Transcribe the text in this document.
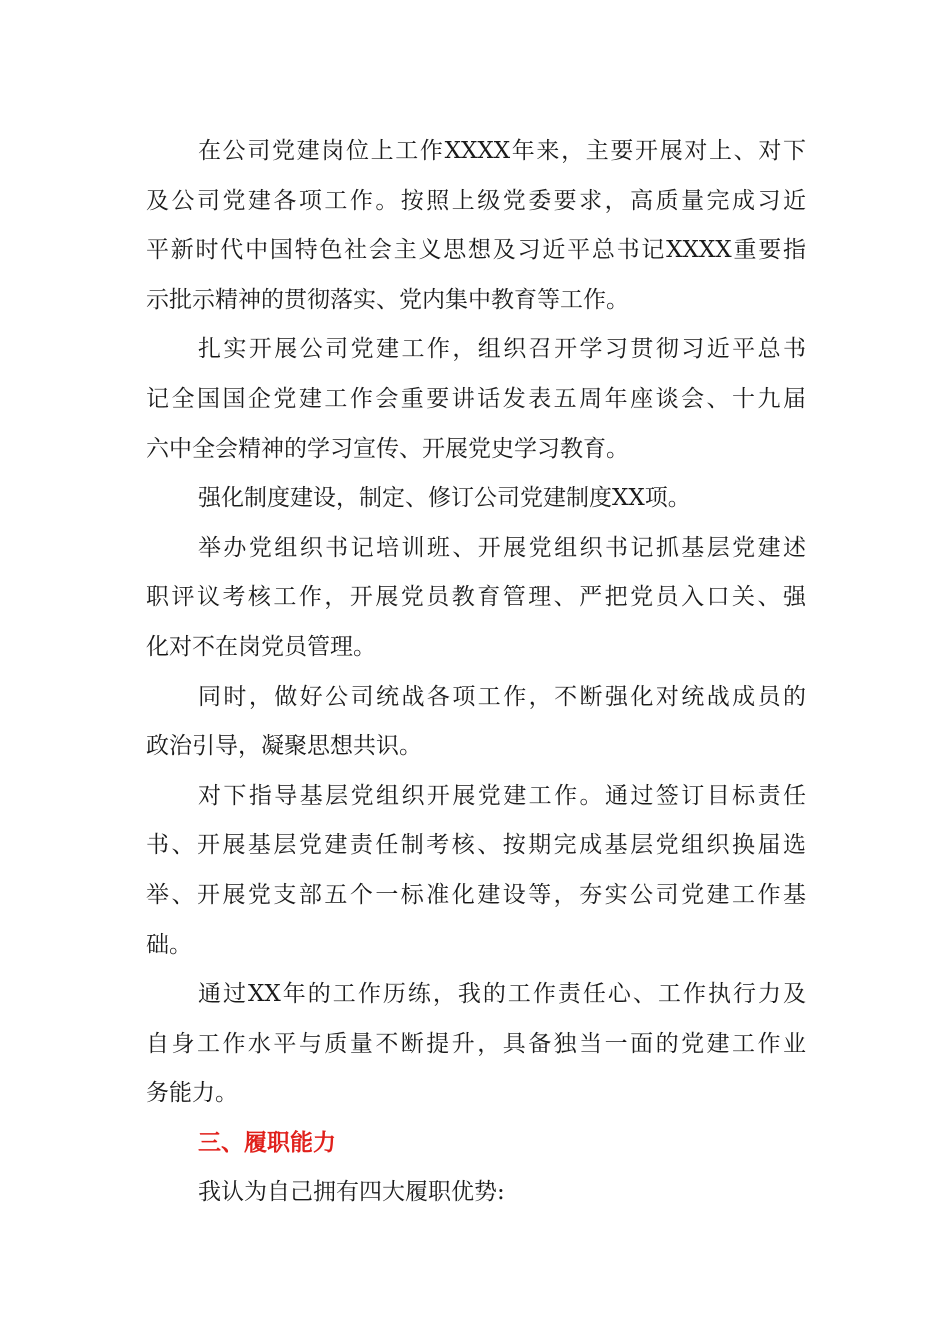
在公司党建岗位上工作XXXX年来，主要开展对上、对下
及公司党建各项工作。按照上级党委要求，高质量完成习近
平新时代中国特色社会主义思想及习近平总书记XXXX重要指
示批示精神的贯彻落实、党内集中教育等工作。
扎实开展公司党建工作，组织召开学习贯彻习近平总书
记全国国企党建工作会重要讲话发表五周年座谈会、十九届
六中全会精神的学习宣传、开展党史学习教育。
强化制度建设，制定、修订公司党建制度XX项。
举办党组织书记培训班、开展党组织书记抓基层党建述
职评议考核工作，开展党员教育管理、严把党员入口关、强
化对不在岗党员管理。
同时，做好公司统战各项工作，不断强化对统战成员的
政治引导，凝聚思想共识。
对下指导基层党组织开展党建工作。通过签订目标责任
书、开展基层党建责任制考核、按期完成基层党组织换届选
举、开展党支部五个一标准化建设等，夯实公司党建工作基
础。
通过XX年的工作历练，我的工作责任心、工作执行力及
自身工作水平与质量不断提升，具备独当一面的党建工作业
务能力。
三、履职能力
我认为自己拥有四大履职优势:
